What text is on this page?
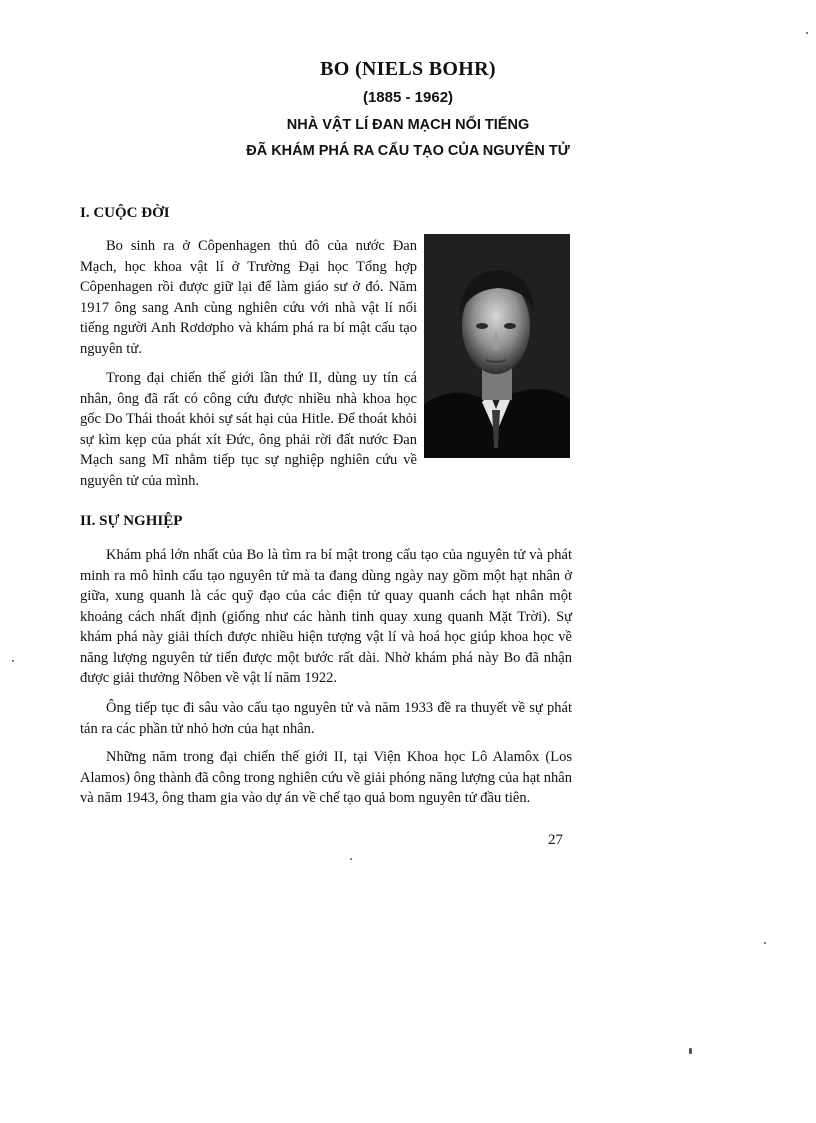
BO (NIELS BOHR)

(1885 - 1962)

NHÀ VẬT LÍ ĐAN MẠCH NỔI TIẾNG

ĐÃ KHÁM PHÁ RA CẤU TẠO CỦA NGUYÊN TỬ

I. CUỘC ĐỜI

Bo sinh ra ở Côpenhagen thủ đô của nước Đan Mạch, học khoa vật lí ở Trường Đại học Tổng hợp Côpenhagen rồi được giữ lại để làm giáo sư ở đó. Năm 1917 ông sang Anh cùng nghiên cứu với nhà vật lí nổi tiếng người Anh Rơdơpho và khám phá ra bí mật cấu tạo nguyên tử.

Trong đại chiến thế giới lần thứ II, dùng uy tín cá nhân, ông đã rất có công cứu được nhiều nhà khoa học gốc Do Thái thoát khỏi sự sát hại của Hitle. Để thoát khỏi sự kìm kẹp của phát xít Đức, ông phải rời đất nước Đan Mạch sang Mĩ nhằm tiếp tục sự nghiệp nghiên cứu về nguyên tử của mình.

II. SỰ NGHIỆP

Khám phá lớn nhất của Bo là tìm ra bí mật trong cấu tạo của nguyên tử và phát minh ra mô hình cấu tạo nguyên tử mà ta đang dùng ngày nay gồm một hạt nhân ở giữa, xung quanh là các quỹ đạo của các điện tử quay quanh cách hạt nhân một khoảng cách nhất định (giống như các hành tinh quay xung quanh Mặt Trời). Sự khám phá này giải thích được nhiều hiện tượng vật lí và hoá học giúp khoa học về năng lượng nguyên tử tiến được một bước rất dài. Nhờ khám phá này Bo đã nhận được giải thưởng Nôben về vật lí năm 1922.

Ông tiếp tục đi sâu vào cấu tạo nguyên tử và năm 1933 đề ra thuyết về sự phát tán ra các phần tử nhỏ hơn của hạt nhân.

Những năm trong đại chiến thế giới II, tại Viện Khoa học Lô Alamôx (Los Alamos) ông thành đã công trong nghiên cứu về giải phóng năng lượng của hạt nhân và năm 1943, ông tham gia vào dự án về chế tạo quả bom nguyên tử đầu tiên.

27
